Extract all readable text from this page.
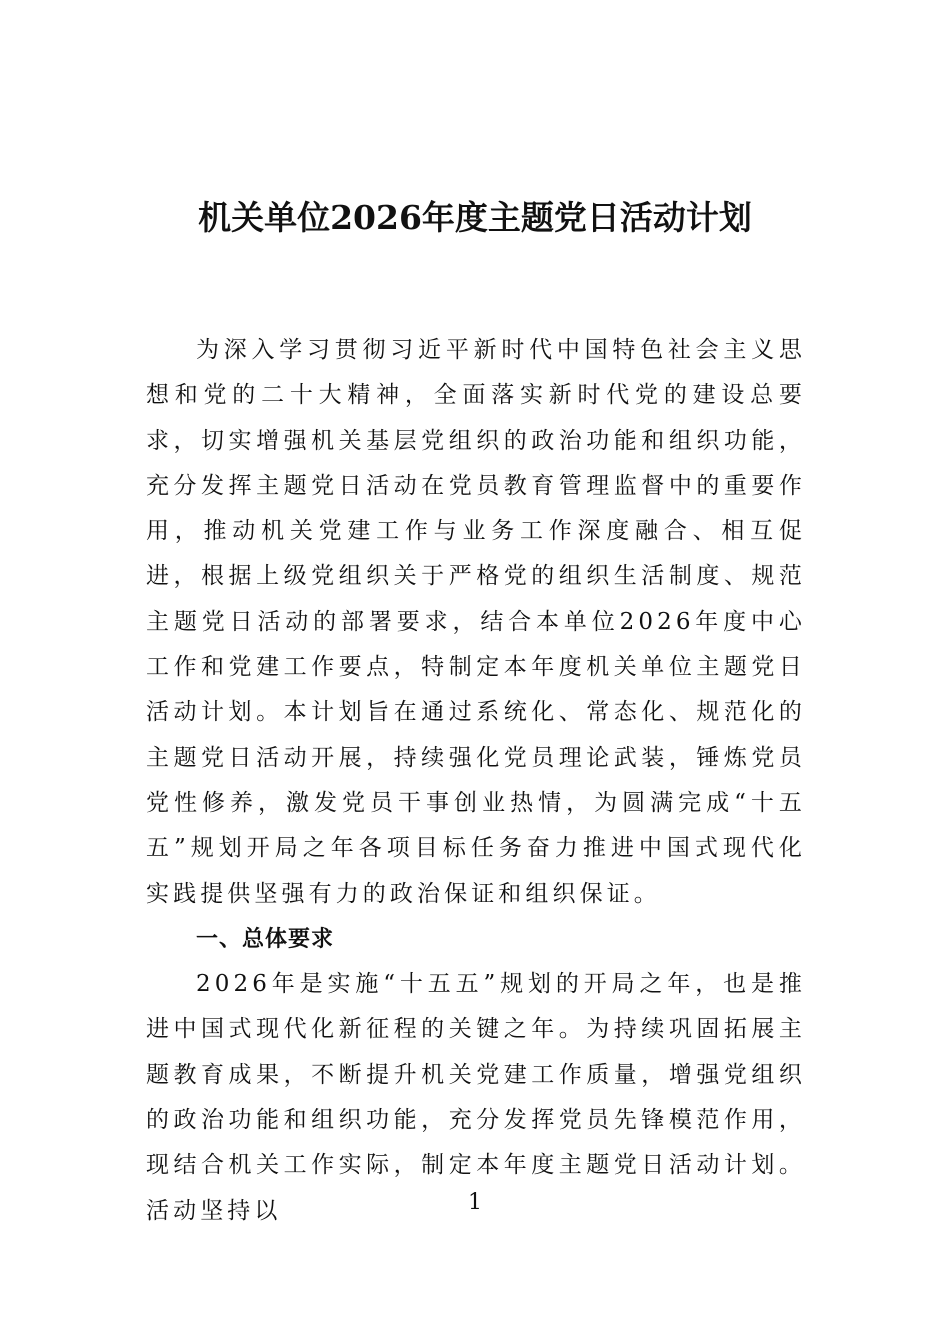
机关单位2026年度主题党日活动计划

为深入学习贯彻习近平新时代中国特色社会主义思想和党的二十大精神，全面落实新时代党的建设总要求，切实增强机关基层党组织的政治功能和组织功能，充分发挥主题党日活动在党员教育管理监督中的重要作用，推动机关党建工作与业务工作深度融合、相互促进，根据上级党组织关于严格党的组织生活制度、规范主题党日活动的部署要求，结合本单位2026年度中心工作和党建工作要点，特制定本年度机关单位主题党日活动计划。本计划旨在通过系统化、常态化、规范化的主题党日活动开展，持续强化党员理论武装，锤炼党员党性修养，激发党员干事创业热情，为圆满完成“十五五”规划开局之年各项目标任务奋力推进中国式现代化实践提供坚强有力的政治保证和组织保证。

一、总体要求

2026年是实施“十五五”规划的开局之年，也是推进中国式现代化新征程的关键之年。为持续巩固拓展主题教育成果，不断提升机关党建工作质量，增强党组织的政治功能和组织功能，充分发挥党员先锋模范作用，现结合机关工作实际，制定本年度主题党日活动计划。活动坚持以	1
